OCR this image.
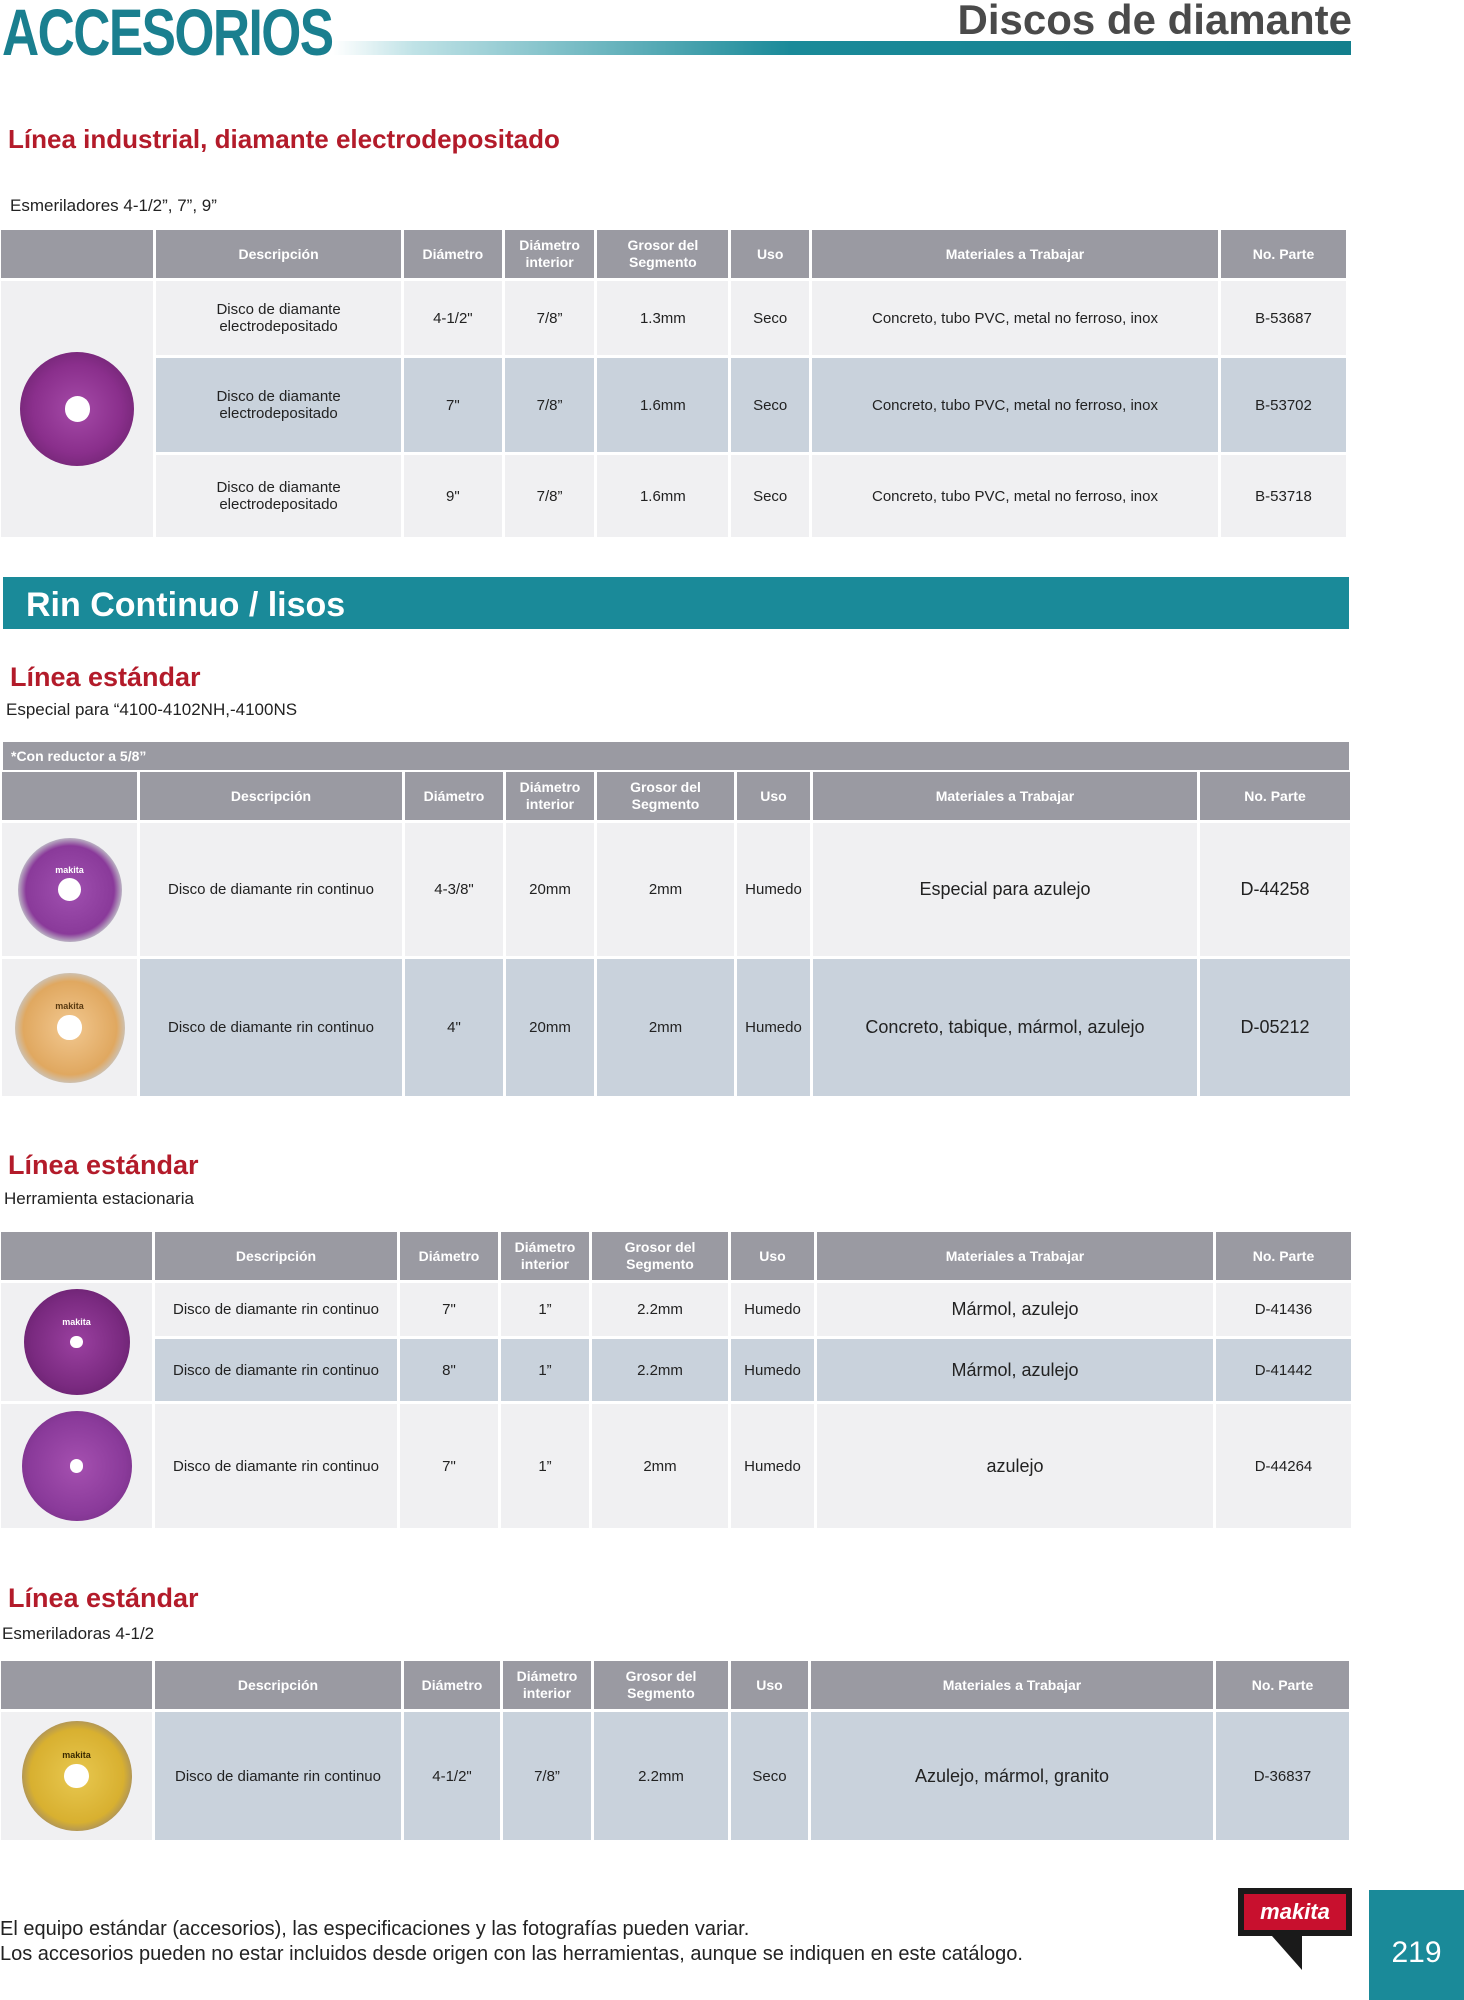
ACCESORIOS	Discos de diamante
Línea industrial, diamante electrodepositado
Esmeriladores 4-1/2”, 7”, 9”
	Descripción	Diámetro	Diámetro interior	Grosor del Segmento	Uso	Materiales a Trabajar	No. Parte

	Disco de diamante electrodepositado	4-1/2"	7/8”	1.3mm	Seco	Concreto, tubo PVC, metal no ferroso, inox	B-53687

	Disco de diamante electrodepositado	7"	7/8”	1.6mm	Seco	Concreto, tubo PVC, metal no ferroso, inox	B-53702

	Disco de diamante electrodepositado	9"	7/8”	1.6mm	Seco	Concreto, tubo PVC, metal no ferroso, inox	B-53718
Rin Continuo / lisos
Línea estándar
Especial para “4100-4102NH,-4100NS
*Con reductor a 5/8”
	Descripción	Diámetro	Diámetro interior	Grosor del Segmento	Uso	Materiales a Trabajar	No. Parte

makita	Disco de diamante rin continuo	4-3/8"	20mm	2mm	Humedo	Especial para azulejo	D-44258

makita	Disco de diamante rin continuo	4"	20mm	2mm	Humedo	Concreto, tabique, mármol, azulejo	D-05212
Línea estándar
Herramienta estacionaria
	Descripción	Diámetro	Diámetro interior	Grosor del Segmento	Uso	Materiales a Trabajar	No. Parte

makita	Disco de diamante rin continuo	7"	1”	2.2mm	Humedo	Mármol, azulejo	D-41436

	Disco de diamante rin continuo	8"	1”	2.2mm	Humedo	Mármol, azulejo	D-41442

	Disco de diamante rin continuo	7"	1”	2mm	Humedo	azulejo	D-44264
Línea estándar
Esmeriladoras 4-1/2
	Descripción	Diámetro	Diámetro interior	Grosor del Segmento	Uso	Materiales a Trabajar	No. Parte

makita	Disco de diamante rin continuo	4-1/2"	7/8”	2.2mm	Seco	Azulejo, mármol, granito	D-36837
El equipo estándar (accesorios), las especificaciones y las fotografías pueden variar.
Los accesorios pueden no estar incluidos desde origen con las herramientas, aunque se indiquen en este catálogo.
makita
219
